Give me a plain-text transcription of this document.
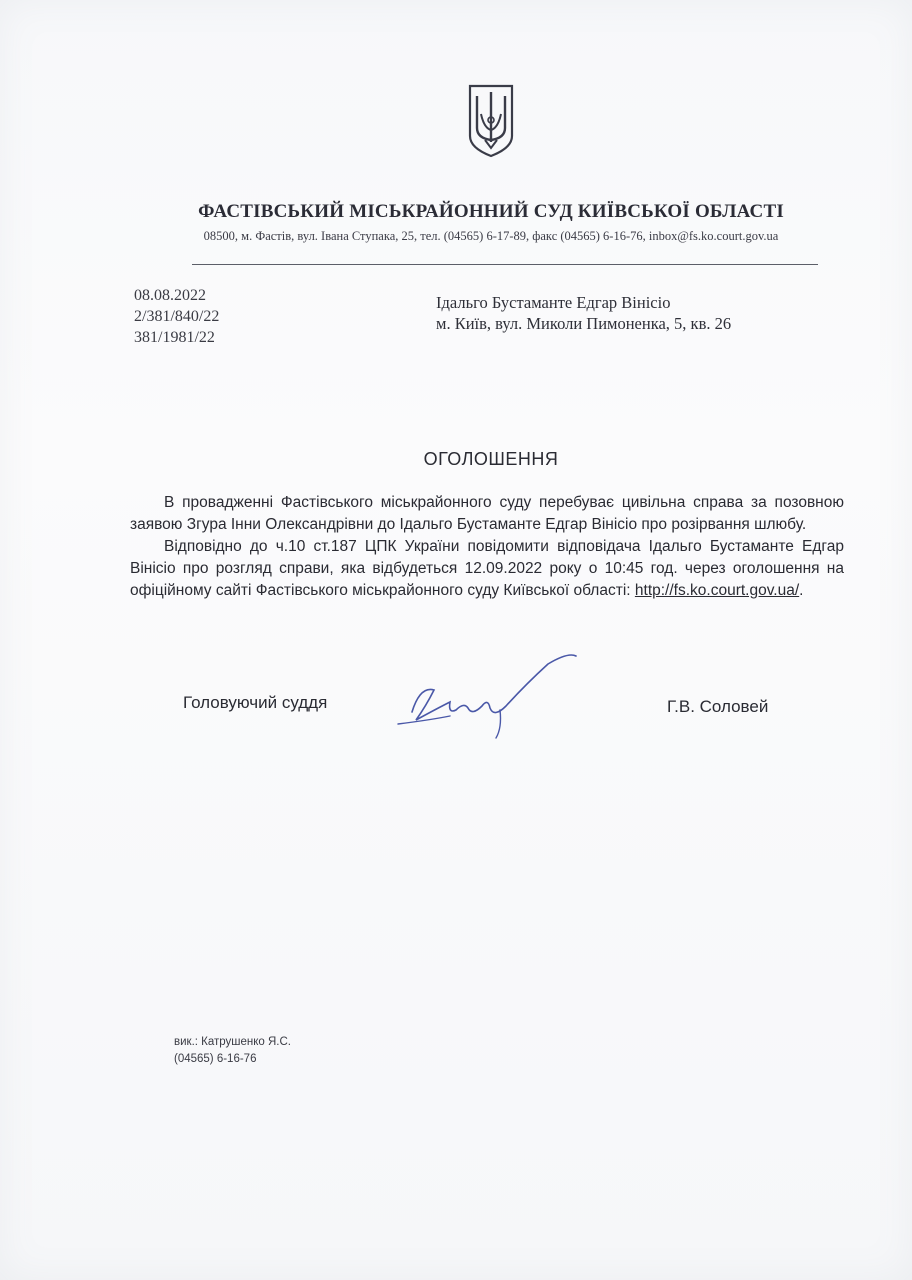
ФАСТІВСЬКИЙ МІСЬКРАЙОННИЙ СУД КИЇВСЬКОЇ ОБЛАСТІ
08500, м. Фастів, вул. Івана Ступака, 25, тел. (04565) 6-17-89, факс (04565) 6-16-76, inbox@fs.ko.court.gov.ua
08.08.2022
2/381/840/22
381/1981/22
Ідальго Бустаманте Едгар Вінісіо
м. Київ, вул. Миколи Пимоненка, 5, кв. 26
ОГОЛОШЕННЯ

В провадженні Фастівського міськрайонного суду перебуває цивільна справа за позовною заявою Згура Інни Олександрівни до Ідальго Бустаманте Едгар Вінісіо про розірвання шлюбу.

Відповідно до ч.10 ст.187 ЦПК України повідомити відповідача Ідальго Бустаманте Едгар Вінісіо про розгляд справи, яка відбудеться 12.09.2022 року о 10:45 год. через оголошення на офіційному сайті Фастівського міськрайонного суду Київської області: http://fs.ko.court.gov.ua/.

Головуючий суддя	Г.В. Соловей
вик.: Катрушенко Я.С.
(04565) 6-16-76
